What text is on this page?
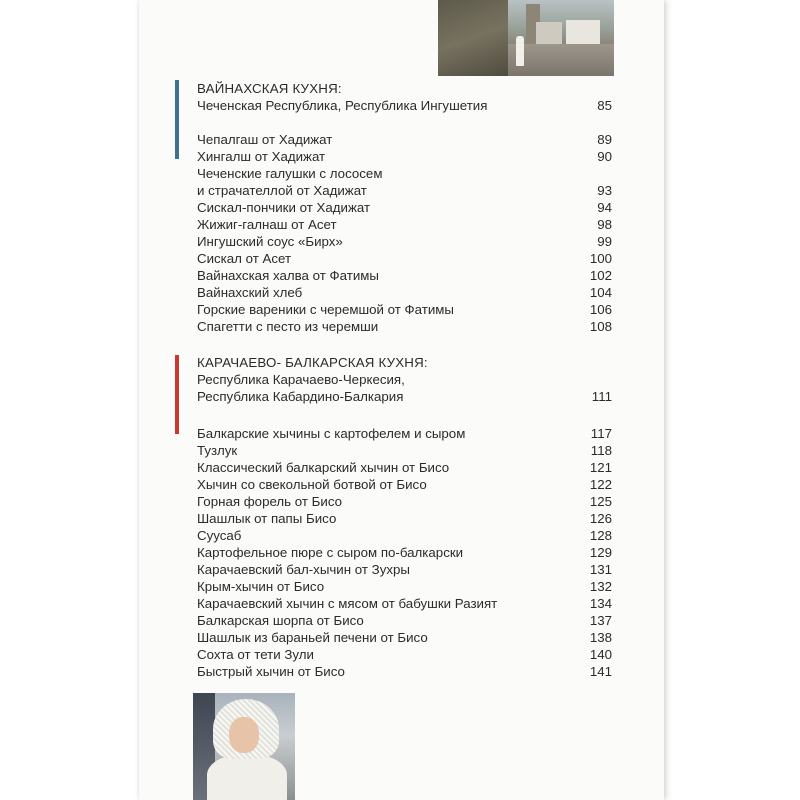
ВАЙНАХСКАЯ КУХНЯ:
Чеченская Республика, Республика Ингушетия	85
Чепалгаш от Хадижат	89
Хингалш от Хадижат	90
Чеченские галушки с лососем
и страчателлой от Хадижат	93
Сискал-пончики от Хадижат	94
Жижиг-галнаш от Асет	98
Ингушский соус «Бирх»	99
Сискал от Асет	100
Вайнахская халва от Фатимы	102
Вайнахский хлеб	104
Горские вареники с черемшой от Фатимы	106
Спагетти с песто из черемши	108
КАРАЧАЕВО- БАЛКАРСКАЯ КУХНЯ:
Республика Карачаево-Черкесия,
Республика Кабардино-Балкария	111
Балкарские хычины с картофелем и сыром	117
Тузлук	118
Классический балкарский хычин от Бисо	121
Хычин со свекольной ботвой от Бисо	122
Горная форель от Бисо	125
Шашлык от папы Бисо	126
Суусаб	128
Картофельное пюре с сыром по-балкарски	129
Карачаевский бал-хычин от Зухры	131
Крым-хычин от Бисо	132
Карачаевский хычин с мясом от бабушки Разият	134
Балкарская шорпа от Бисо	137
Шашлык из бараньей печени от Бисо	138
Сохта от тети Зули	140
Быстрый хычин от Бисо	141
